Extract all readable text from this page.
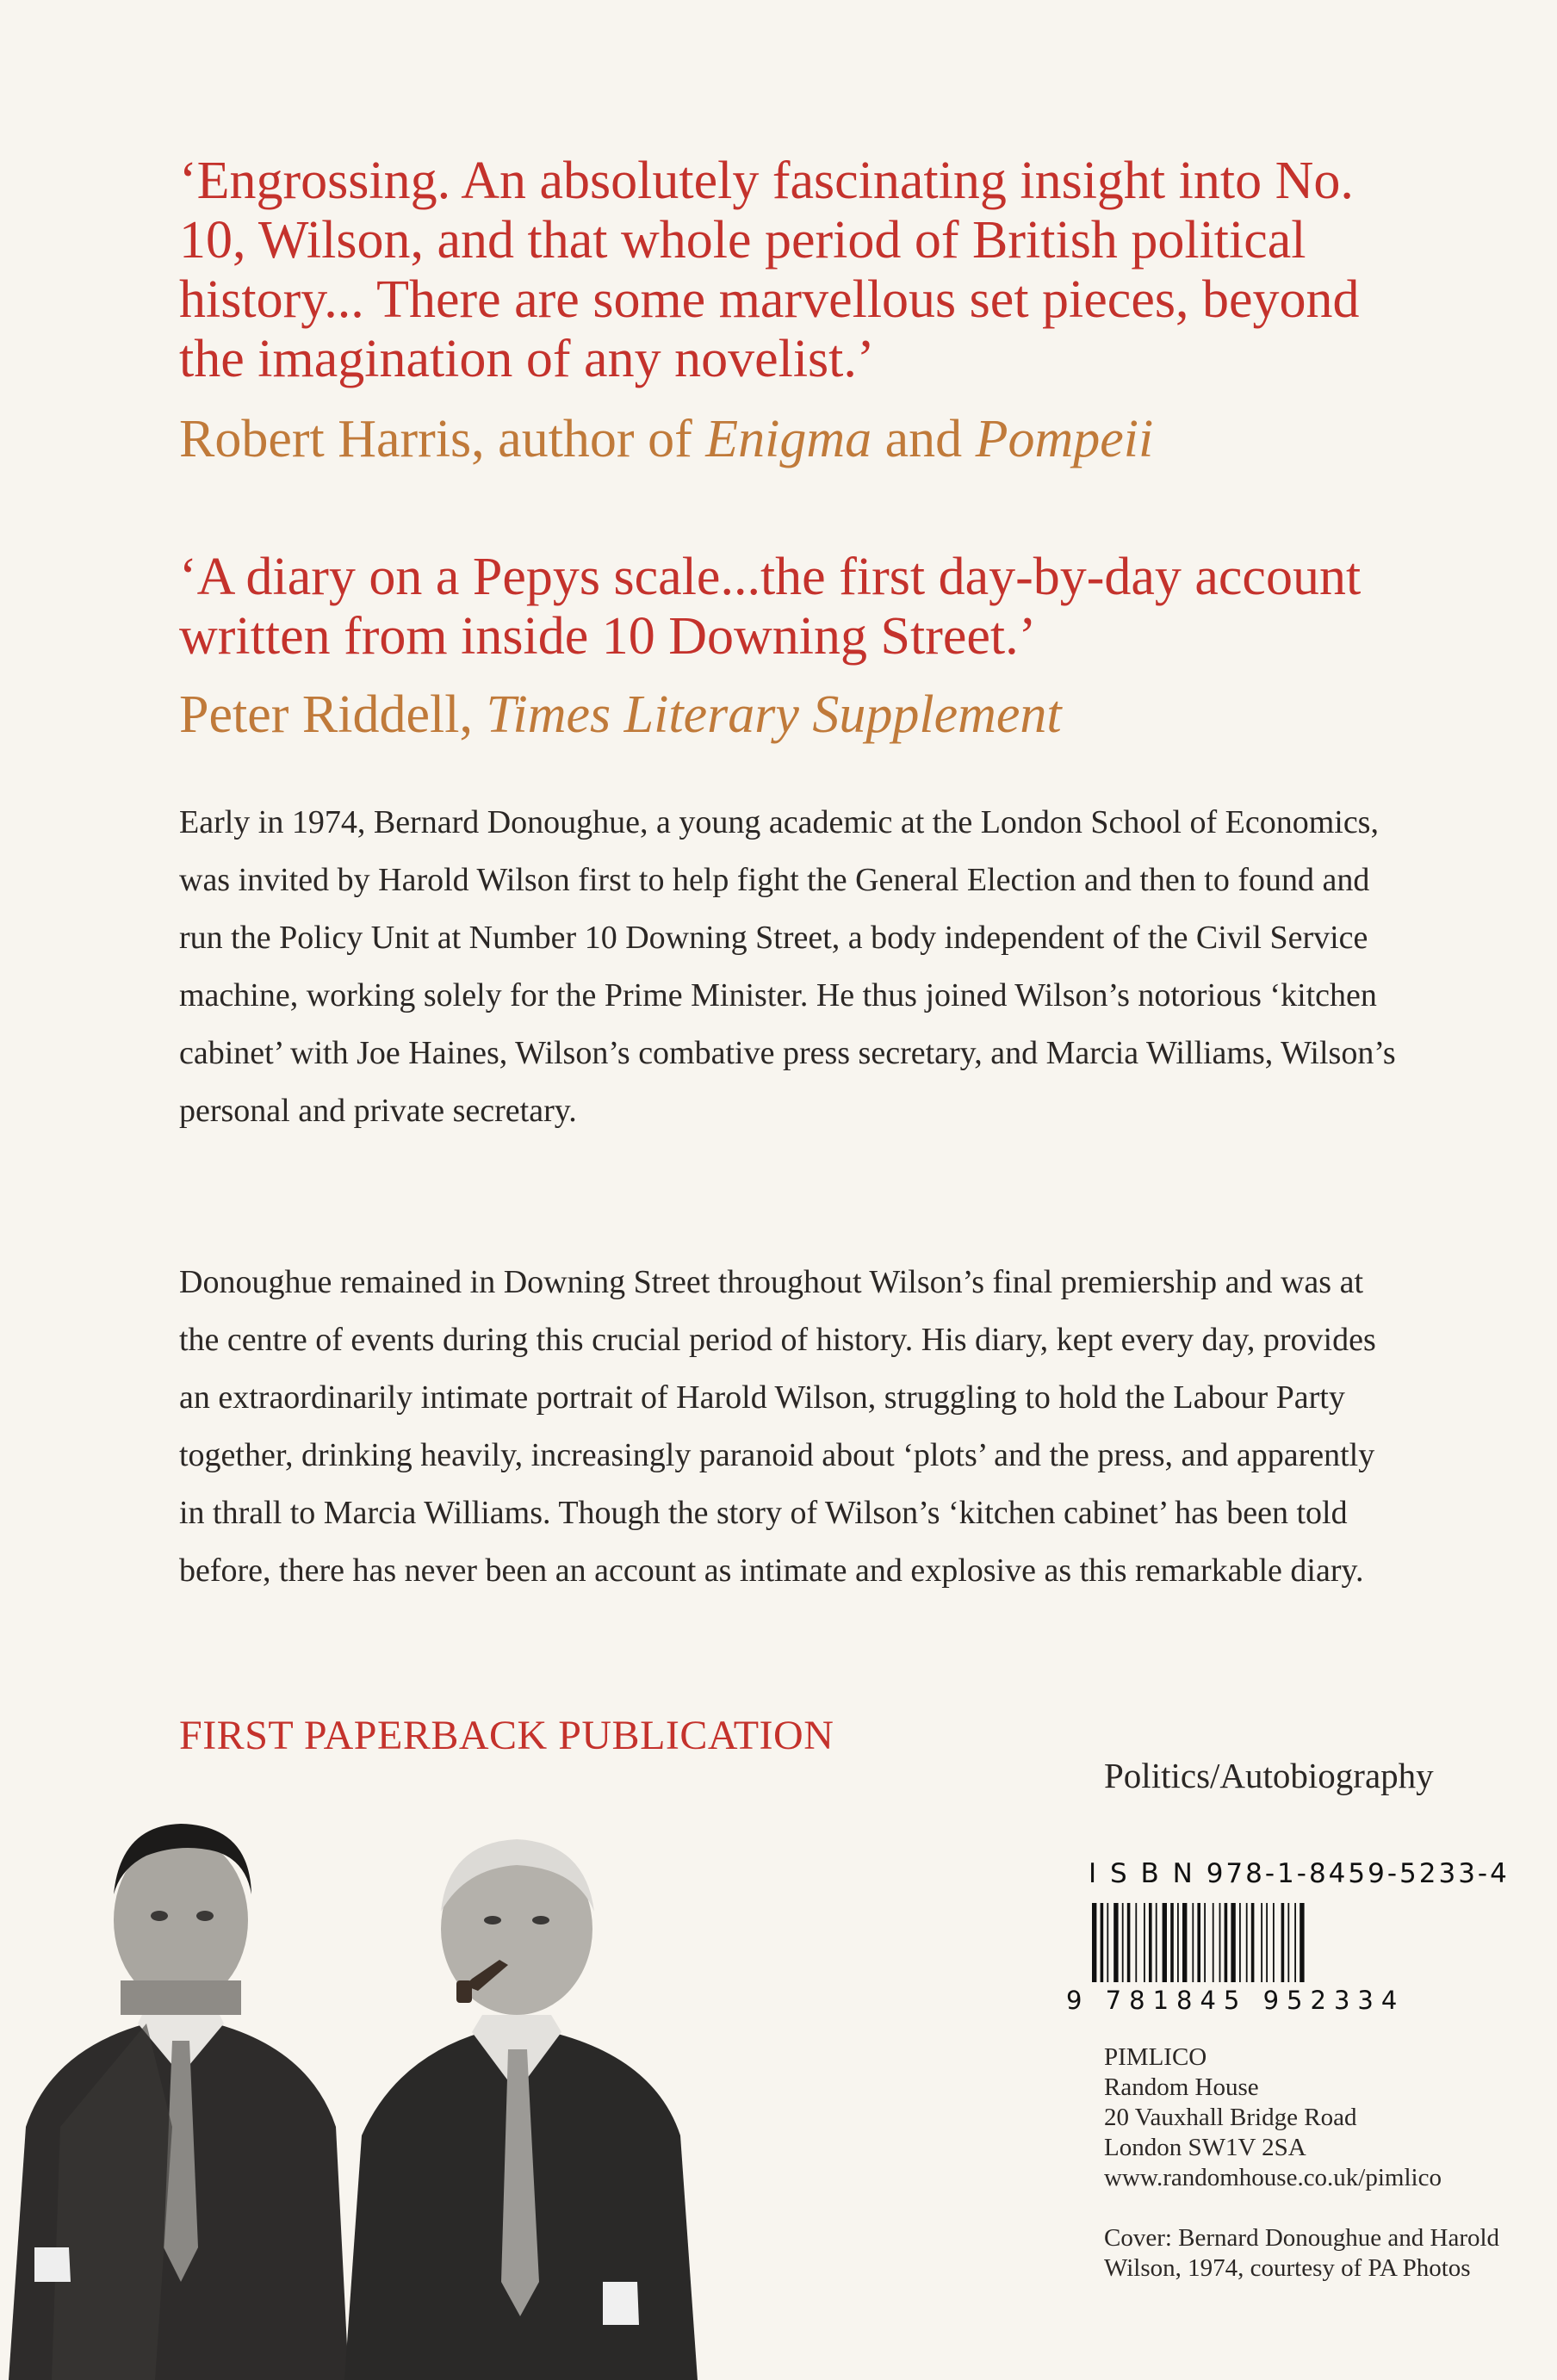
‘Engrossing. An absolutely fascinating insight into No. 10, Wilson, and that whole period of British political history... There are some marvellous set pieces, beyond the imagination of any novelist.’
Robert Harris, author of Enigma and Pompeii
‘A diary on a Pepys scale...the first day-by-day account written from inside 10 Downing Street.’
Peter Riddell, Times Literary Supplement
Early in 1974, Bernard Donoughue, a young academic at the London School of Economics, was invited by Harold Wilson first to help fight the General Election and then to found and run the Policy Unit at Number 10 Downing Street, a body independent of the Civil Service machine, working solely for the Prime Minister. He thus joined Wilson’s notorious ‘kitchen cabinet’ with Joe Haines, Wilson’s combative press secretary, and Marcia Williams, Wilson’s personal and private secretary.
Donoughue remained in Downing Street throughout Wilson’s final premiership and was at the centre of events during this crucial period of history. His diary, kept every day, provides an extraordinarily intimate portrait of Harold Wilson, struggling to hold the Labour Party together, drinking heavily, increasingly paranoid about ‘plots’ and the press, and apparently in thrall to Marcia Williams. Though the story of Wilson’s ‘kitchen cabinet’ has been told before, there has never been an account as intimate and explosive as this remarkable diary.
FIRST PAPERBACK PUBLICATION
Politics/Autobiography
I S B N 978-1-8459-5233-4
9 781845 952334
PIMLICO
Random House
20 Vauxhall Bridge Road
London SW1V 2SA
www.randomhouse.co.uk/pimlico
Cover: Bernard Donoughue and Harold Wilson, 1974, courtesy of PA Photos
